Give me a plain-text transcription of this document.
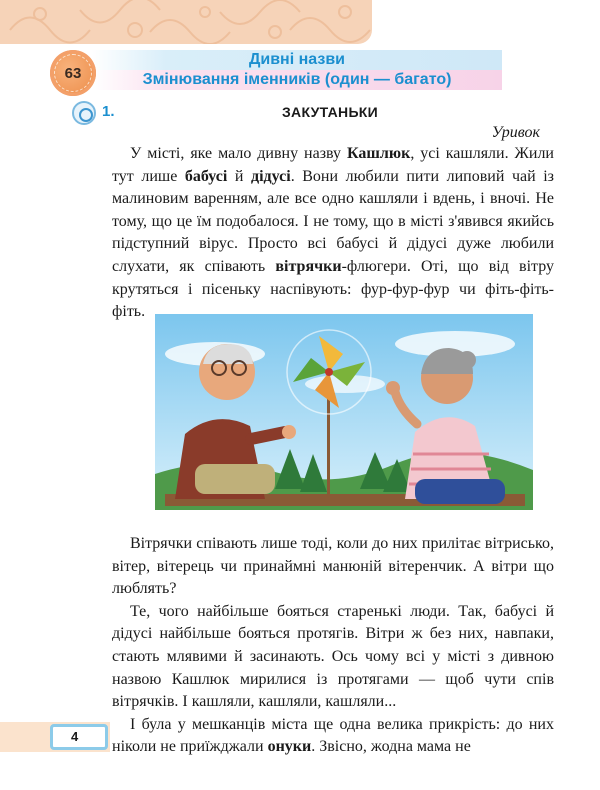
63
Дивні назви
Змінювання іменників (один — багато)
1.	ЗАКУТАНЬКИ
Уривок

У місті, яке мало дивну назву Кашлюк, усі кашляли. Жили тут лише бабусі й дідусі. Вони любили пити липовий чай із малиновим варенням, але все одно кашляли і вдень, і вночі. Не тому, що це їм подобалося. І не тому, що в місті з'явився якийсь підступний вірус. Просто всі бабусі й дідусі дуже любили слухати, як співають вітрячки-флюгери. Оті, що від вітру крутяться і пісеньку наспівують: фур-фур-фур чи фіть-фіть-фіть.

Вітрячки співають лише тоді, коли до них прилітає вітрисько, вітер, вітерець чи принаймні манюній вітеренчик. А вітри що люблять?

Те, чого найбільше бояться старенькі люди. Так, бабусі й дідусі найбільше бояться протягів. Вітри ж без них, навпаки, стають млявими й засинають. Ось чому всі у місті з дивною назвою Кашлюк мирилися із протягами — щоб чути спів вітрячків. І кашляли, кашляли, кашляли...

І була у мешканців міста ще одна велика прикрість: до них ніколи не приїжджали онуки. Звісно, жодна мама не

4
